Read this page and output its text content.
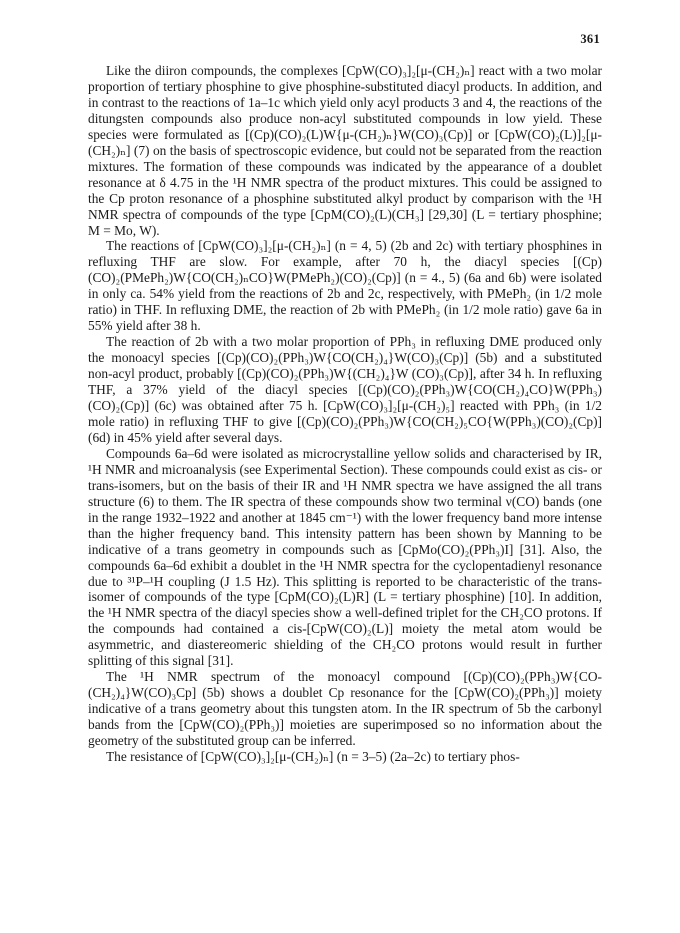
361

Like the diiron compounds, the complexes [CpW(CO)₃]₂[μ-(CH₂)ₙ] react with a two molar proportion of tertiary phosphine to give phosphine-substituted diacyl products. In addition, and in contrast to the reactions of 1a–1c which yield only acyl products 3 and 4, the reactions of the ditungsten compounds also produce non-acyl substituted compounds in low yield. These species were formulated as [(Cp)(CO)₂(L)W{μ-(CH₂)ₙ}W(CO)₃(Cp)] or [CpW(CO)₂(L)]₂[μ-(CH₂)ₙ] (7) on the basis of spectroscopic evidence, but could not be separated from the reaction mixtures. The formation of these compounds was indicated by the appearance of a doublet resonance at δ 4.75 in the ¹H NMR spectra of the product mixtures. This could be assigned to the Cp proton resonance of a phosphine substituted alkyl product by comparison with the ¹H NMR spectra of compounds of the type [CpM(CO)₂(L)(CH₃] [29,30] (L = tertiary phosphine; M = Mo, W).

The reactions of [CpW(CO)₃]₂[μ-(CH₂)ₙ] (n = 4, 5) (2b and 2c) with tertiary phosphines in refluxing THF are slow. For example, after 70 h, the diacyl species [(Cp)(CO)₂(PMePh₂)W{CO(CH₂)ₙCO}W(PMePh₂)(CO)₂(Cp)] (n = 4., 5) (6a and 6b) were isolated in only ca. 54% yield from the reactions of 2b and 2c, respectively, with PMePh₂ (in 1/2 mole ratio) in THF. In refluxing DME, the reaction of 2b with PMePh₂ (in 1/2 mole ratio) gave 6a in 55% yield after 38 h.

The reaction of 2b with a two molar proportion of PPh₃ in refluxing DME produced only the monoacyl species [(Cp)(CO)₂(PPh₃)W{CO(CH₂)₄}W(CO)₃(Cp)] (5b) and a substituted non-acyl product, probably [(Cp)(CO)₂(PPh₃)W{(CH₂)₄}W (CO)₃(Cp)], after 34 h. In refluxing THF, a 37% yield of the diacyl species [(Cp)(CO)₂(PPh₃)W{CO(CH₂)₄CO}W(PPh₃)(CO)₂(Cp)] (6c) was obtained after 75 h. [CpW(CO)₃]₂[μ-(CH₂)₅] reacted with PPh₃ (in 1/2 mole ratio) in refluxing THF to give [(Cp)(CO)₂(PPh₃)W{CO(CH₂)₅CO{W(PPh₃)(CO)₂(Cp)] (6d) in 45% yield after several days.

Compounds 6a–6d were isolated as microcrystalline yellow solids and characterised by IR, ¹H NMR and microanalysis (see Experimental Section). These compounds could exist as cis- or trans-isomers, but on the basis of their IR and ¹H NMR spectra we have assigned the all trans structure (6) to them. The IR spectra of these compounds show two terminal ν(CO) bands (one in the range 1932–1922 and another at 1845 cm⁻¹) with the lower frequency band more intense than the higher frequency band. This intensity pattern has been shown by Manning to be indicative of a trans geometry in compounds such as [CpMo(CO)₂(PPh₃)I] [31]. Also, the compounds 6a–6d exhibit a doublet in the ¹H NMR spectra for the cyclopentadienyl resonance due to ³¹P–¹H coupling (J 1.5 Hz). This splitting is reported to be characteristic of the trans-isomer of compounds of the type [CpM(CO)₂(L)R] (L = tertiary phosphine) [10]. In addition, the ¹H NMR spectra of the diacyl species show a well-defined triplet for the CH₂CO protons. If the compounds had contained a cis-[CpW(CO)₂(L)] moiety the metal atom would be asymmetric, and diastereomeric shielding of the CH₂CO protons would result in further splitting of this signal [31].

The ¹H NMR spectrum of the monoacyl compound [(Cp)(CO)₂(PPh₃)W{CO-(CH₂)₄}W(CO)₃Cp] (5b) shows a doublet Cp resonance for the [CpW(CO)₂(PPh₃)] moiety indicative of a trans geometry about this tungsten atom. In the IR spectrum of 5b the carbonyl bands from the [CpW(CO)₂(PPh₃)] moieties are superimposed so no information about the geometry of the substituted group can be inferred.

The resistance of [CpW(CO)₃]₂[μ-(CH₂)ₙ] (n = 3–5) (2a–2c) to tertiary phos-
